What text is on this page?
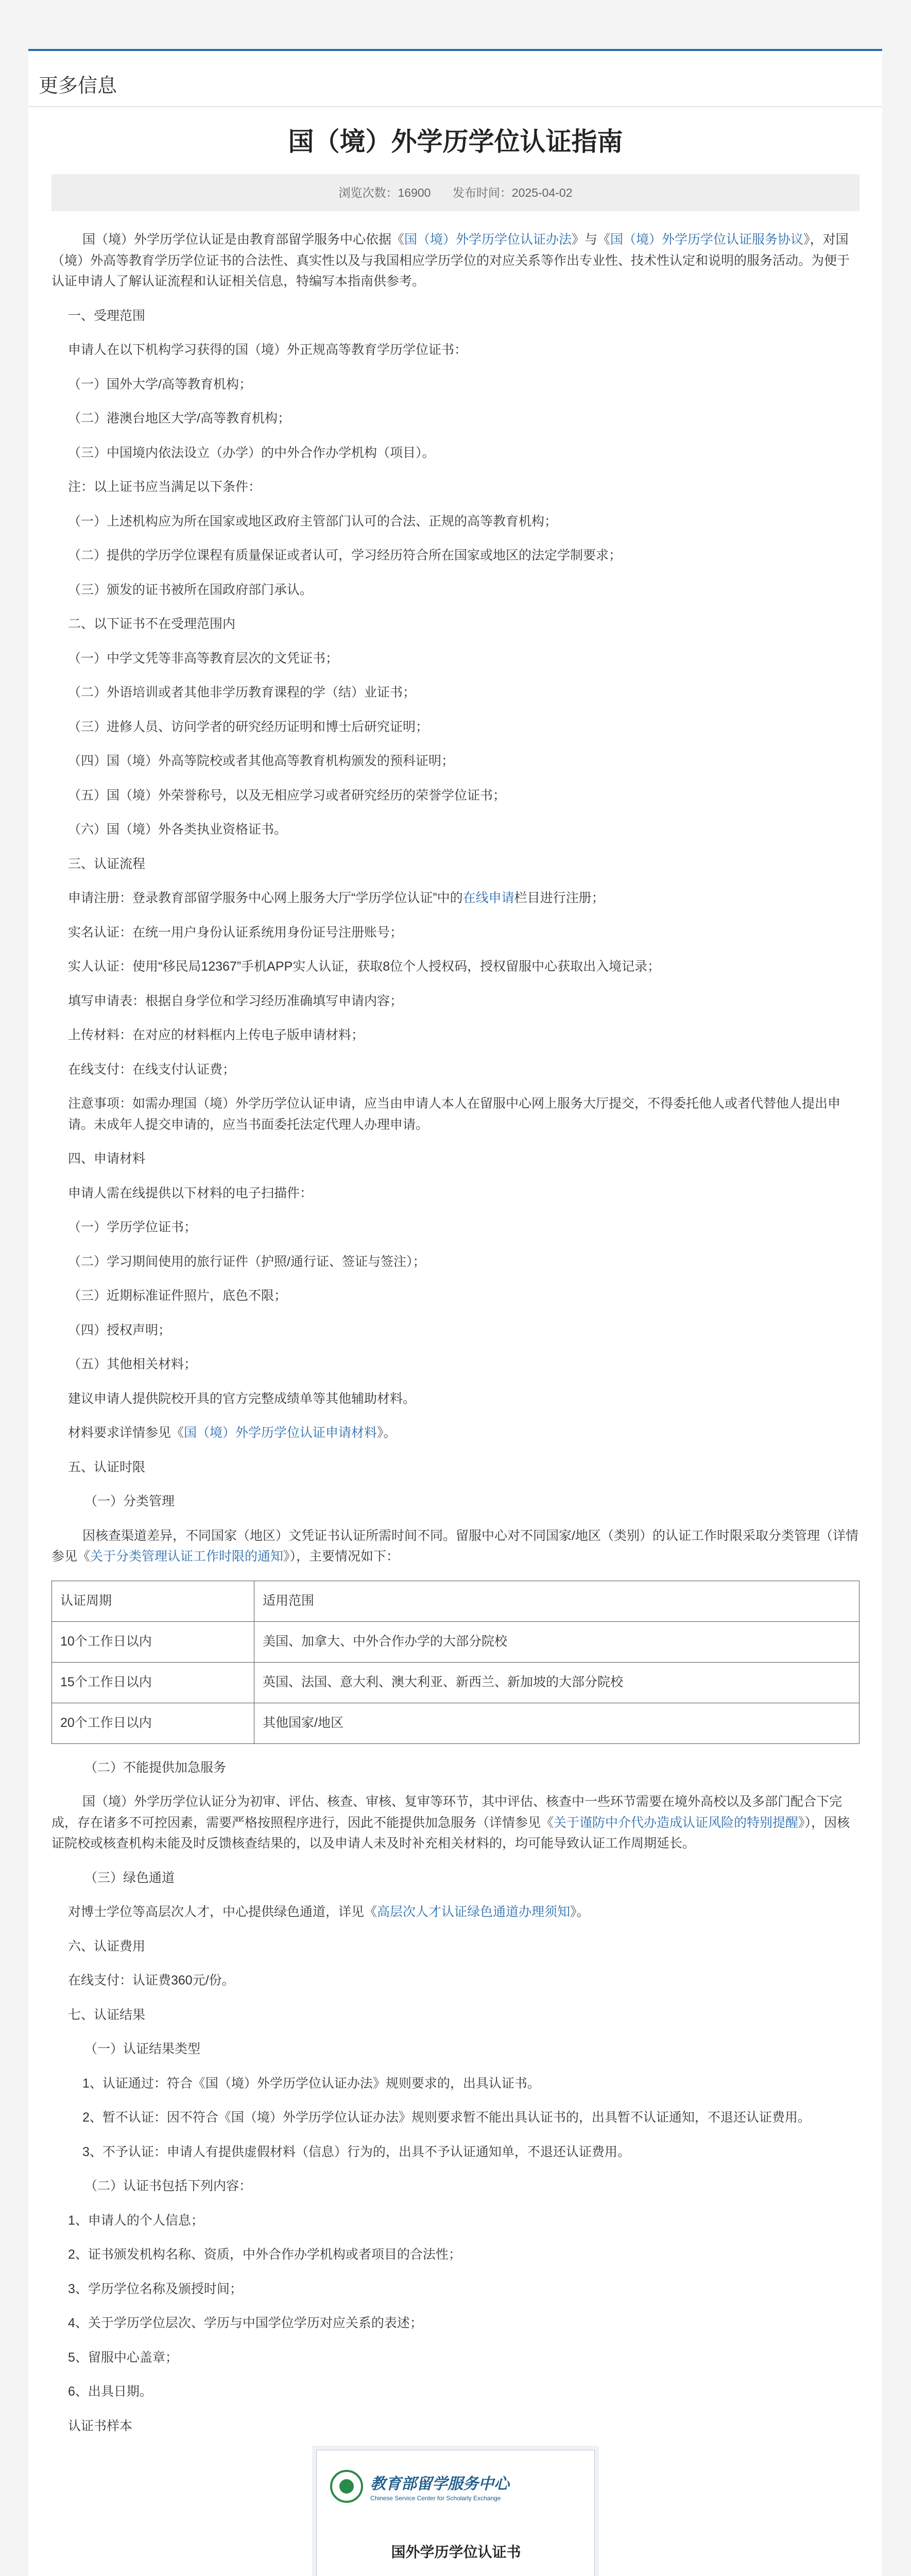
更多信息
国（境）外学历学位认证指南
浏览次数：16900 发布时间：2025-04-02

国（境）外学历学位认证是由教育部留学服务中心依据《国（境）外学历学位认证办法》与《国（境）外学历学位认证服务协议》，对国（境）外高等教育学历学位证书的合法性、真实性以及与我国相应学历学位的对应关系等作出专业性、技术性认定和说明的服务活动。为便于认证申请人了解认证流程和认证相关信息，特编写本指南供参考。

一、受理范围

申请人在以下机构学习获得的国（境）外正规高等教育学历学位证书：

（一）国外大学/高等教育机构；

（二）港澳台地区大学/高等教育机构；

（三）中国境内依法设立（办学）的中外合作办学机构（项目）。

注：以上证书应当满足以下条件：

（一）上述机构应为所在国家或地区政府主管部门认可的合法、正规的高等教育机构；

（二）提供的学历学位课程有质量保证或者认可，学习经历符合所在国家或地区的法定学制要求；

（三）颁发的证书被所在国政府部门承认。

二、以下证书不在受理范围内

（一）中学文凭等非高等教育层次的文凭证书；

（二）外语培训或者其他非学历教育课程的学（结）业证书；

（三）进修人员、访问学者的研究经历证明和博士后研究证明；

（四）国（境）外高等院校或者其他高等教育机构颁发的预科证明；

（五）国（境）外荣誉称号，以及无相应学习或者研究经历的荣誉学位证书；

（六）国（境）外各类执业资格证书。

三、认证流程

申请注册：登录教育部留学服务中心网上服务大厅“学历学位认证”中的在线申请栏目进行注册；

实名认证：在统一用户身份认证系统用身份证号注册账号；

实人认证：使用“移民局12367”手机APP实人认证，获取8位个人授权码，授权留服中心获取出入境记录；

填写申请表：根据自身学位和学习经历准确填写申请内容；

上传材料：在对应的材料框内上传电子版申请材料；

在线支付：在线支付认证费；

注意事项：如需办理国（境）外学历学位认证申请，应当由申请人本人在留服中心网上服务大厅提交，不得委托他人或者代替他人提出申请。未成年人提交申请的，应当书面委托法定代理人办理申请。

四、申请材料

申请人需在线提供以下材料的电子扫描件：

（一）学历学位证书；

（二）学习期间使用的旅行证件（护照/通行证、签证与签注）；

（三）近期标准证件照片，底色不限；

（四）授权声明；

（五）其他相关材料；

建议申请人提供院校开具的官方完整成绩单等其他辅助材料。

材料要求详情参见《国（境）外学历学位认证申请材料》。

五、认证时限

（一）分类管理

因核查渠道差异，不同国家（地区）文凭证书认证所需时间不同。留服中心对不同国家/地区（类别）的认证工作时限采取分类管理（详情参见《关于分类管理认证工作时限的通知》），主要情况如下：

认证周期	适用范围
10个工作日以内	美国、加拿大、中外合作办学的大部分院校
15个工作日以内	英国、法国、意大利、澳大利亚、新西兰、新加坡的大部分院校
20个工作日以内	其他国家/地区

（二）不能提供加急服务

国（境）外学历学位认证分为初审、评估、核查、审核、复审等环节，其中评估、核查中一些环节需要在境外高校以及多部门配合下完成，存在诸多不可控因素，需要严格按照程序进行，因此不能提供加急服务（详情参见《关于谨防中介代办造成认证风险的特别提醒》），因核证院校或核查机构未能及时反馈核查结果的，以及申请人未及时补充相关材料的，均可能导致认证工作周期延长。

（三）绿色通道

对博士学位等高层次人才，中心提供绿色通道，详见《高层次人才认证绿色通道办理须知》。

六、认证费用

在线支付：认证费360元/份。

七、认证结果

（一）认证结果类型

1、认证通过：符合《国（境）外学历学位认证办法》规则要求的，出具认证书。

2、暂不认证：因不符合《国（境）外学历学位认证办法》规则要求暂不能出具认证书的，出具暂不认证通知，不退还认证费用。

3、不予认证：申请人有提供虚假材料（信息）行为的，出具不予认证通知单，不退还认证费用。

（二）认证书包括下列内容：

1、申请人的个人信息；

2、证书颁发机构名称、资质，中外合作办学机构或者项目的合法性；

3、学历学位名称及颁授时间；

4、关于学历学位层次、学历与中国学位学历对应关系的表述；

5、留服中心盖章；

6、出具日期。

认证书样本

教育部留学服务中心
Chinese Service Center for Scholarly Exchange
国外学历学位认证书
